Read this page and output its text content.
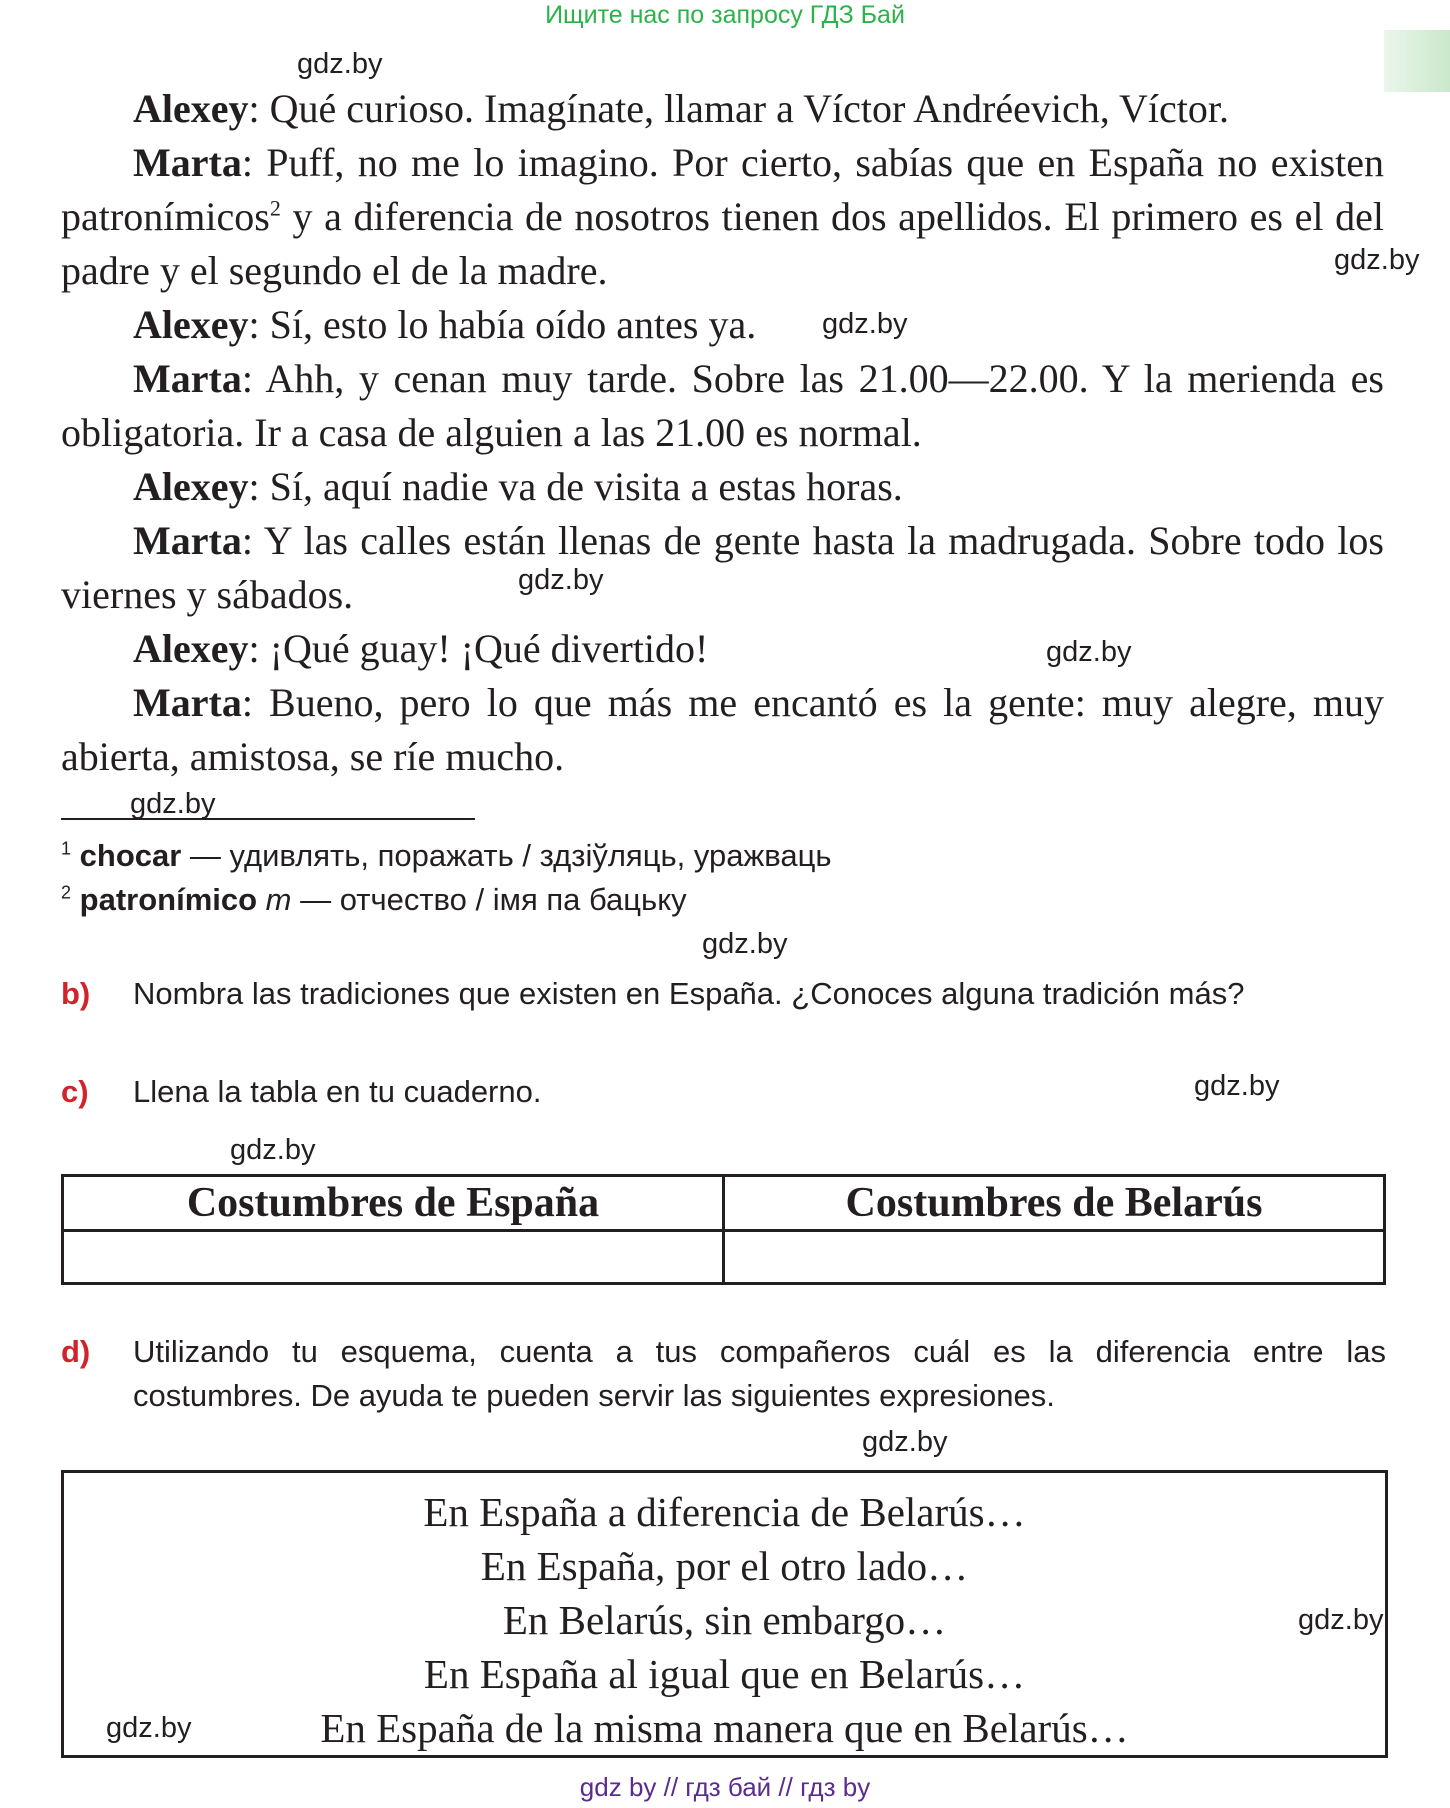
Ищите нас по запросу ГДЗ Бай

Alexey: Qué curioso. Imagínate, llamar a Víctor Andréevich, Víctor.

Marta: Puff, no me lo imagino. Por cierto, sabías que en España no existen patronímicos$^2$ y a diferencia de nosotros tienen dos apellidos. El primero es el del padre y el segundo el de la madre.

Alexey: Sí, esto lo había oído antes ya.

Marta: Ahh, y cenan muy tarde. Sobre las 21.00—22.00. Y la merienda es obligatoria. Ir a casa de alguien a las 21.00 es normal.

Alexey: Sí, aquí nadie va de visita a estas horas.

Marta: Y las calles están llenas de gente hasta la madrugada. Sobre todo los viernes y sábados.

Alexey: ¡Qué guay! ¡Qué divertido!

Marta: Bueno, pero lo que más me encantó es la gente: muy alegre, muy abierta, amistosa, se ríe mucho.

$^1$ chocar — удивлять, поражать / здзіўляць, уражваць
$^2$ patronímico m — отчество / імя па бацьку
b) Nombra las tradiciones que existen en España. ¿Conoces alguna tradición más?
c) Llena la tabla en tu cuaderno.
Costumbres de España	Costumbres de Belarús

d) Utilizando tu esquema, cuenta a tus compañeros cuál es la diferencia entre las costumbres. De ayuda te pueden servir las siguientes expresiones.
En España a diferencia de Belarús…
En España, por el otro lado…
En Belarús, sin embargo…
En España al igual que en Belarús…
En España de la misma manera que en Belarús…
gdz.by
gdz.by
gdz.by
gdz.by
gdz.by
gdz.by
gdz.by
gdz.by
gdz.by
gdz.by
gdz.by
gdz.by
gdz by // гдз бай // гдз by
